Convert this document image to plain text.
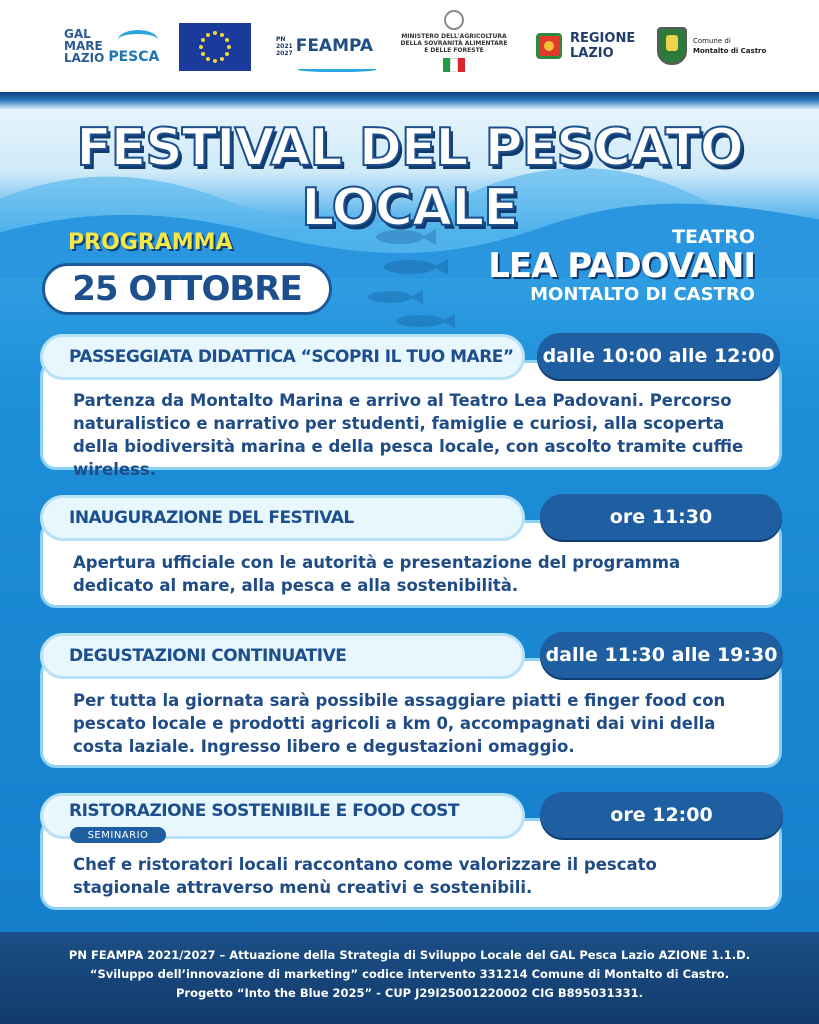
GAL
MARE
LAZIO PESCA
PN
2021
2027 FEAMPA	MINISTERO DELL'AGRICOLTURA
DELLA SOVRANITÀ ALIMENTARE
E DELLE FORESTE
REGIONE
LAZIO
Comune di
Montalto di Castro
FESTIVAL DEL PESCATO LOCALE
PROGRAMMA
25 OTTOBRE
TEATRO
LEA PADOVANI
MONTALTO DI CASTRO
Partenza da Montalto Marina e arrivo al Teatro Lea Padovani. Percorso naturalistico e narrativo per studenti, famiglie e curiosi, alla scoperta della biodiversità marina e della pesca locale, con ascolto tramite cuffie wireless.
PASSEGGIATA DIDATTICA “SCOPRI IL TUO MARE”	dalle 10:00 alle 12:00
Apertura ufficiale con le autorità e presentazione del programma dedicato al mare, alla pesca e alla sostenibilità.
INAUGURAZIONE DEL FESTIVAL	ore 11:30
Per tutta la giornata sarà possibile assaggiare piatti e finger food con pescato locale e prodotti agricoli a km 0, accompagnati dai vini della costa laziale. Ingresso libero e degustazioni omaggio.
DEGUSTAZIONI CONTINUATIVE	dalle 11:30 alle 19:30
Chef e ristoratori locali raccontano come valorizzare il pescato stagionale attraverso menù creativi e sostenibili.
RISTORAZIONE SOSTENIBILE E FOOD COST
SEMINARIO
ore 12:00
PN FEAMPA 2021/2027 – Attuazione della Strategia di Sviluppo Locale del GAL Pesca Lazio AZIONE 1.1.D.
“Sviluppo dell’innovazione di marketing” codice intervento 331214 Comune di Montalto di Castro.
Progetto “Into the Blue 2025” - CUP J29I25001220002 CIG B895031331.
